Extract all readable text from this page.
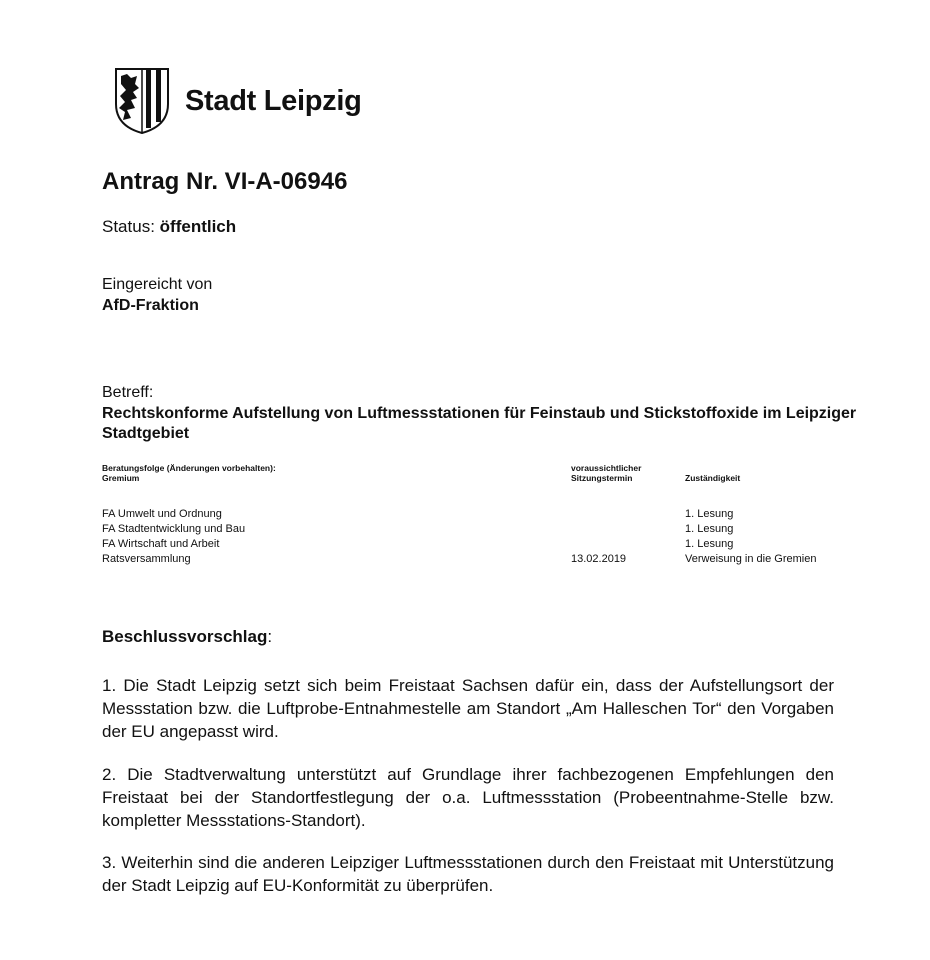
Stadt Leipzig
Antrag Nr. VI-A-06946
Status: öffentlich
Eingereicht von
AfD-Fraktion
Betreff:
Rechtskonforme Aufstellung von Luftmessstationen für Feinstaub und Stickstoffoxide im Leipziger Stadtgebiet
Beratungsfolge (Änderungen vorbehalten):
Gremium
voraussichtlicher
Sitzungstermin	Zuständigkeit
FA Umwelt und Ordnung
FA Stadtentwicklung und Bau
FA Wirtschaft und Arbeit
Ratsversammlung	13.02.2019
1. Lesung
1. Lesung
1. Lesung
Verweisung in die Gremien
Beschlussvorschlag:
1. Die Stadt Leipzig setzt sich beim Freistaat Sachsen dafür ein, dass der Aufstellungsort der Messstation bzw. die Luftprobe-Entnahmestelle am Standort „Am Halleschen Tor“ den Vorgaben der EU angepasst wird.
2. Die Stadtverwaltung unterstützt auf Grundlage ihrer fachbezogenen Empfehlungen den Freistaat bei der Standortfestlegung der o.a. Luftmessstation (Probeentnahme-Stelle bzw. kompletter Messstations-Standort).
3. Weiterhin sind die anderen Leipziger Luftmessstationen durch den Freistaat mit Unterstützung der Stadt Leipzig auf EU-Konformität zu überprüfen.
